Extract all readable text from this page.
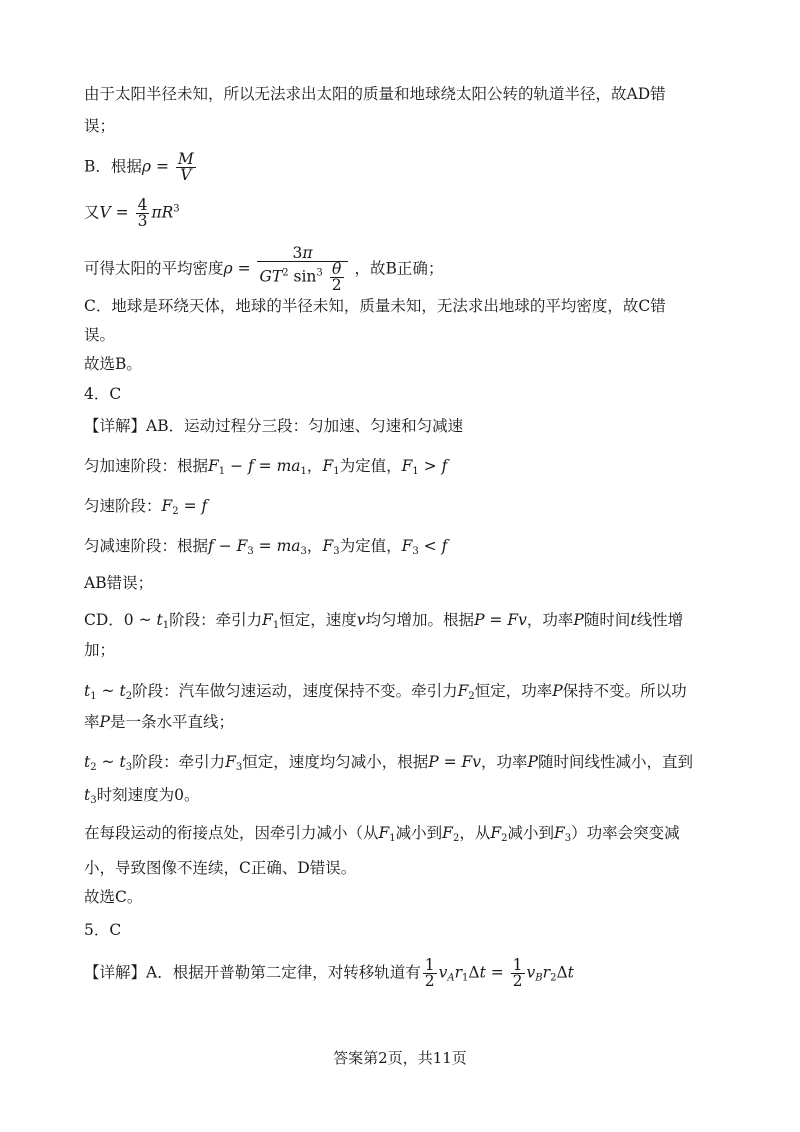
由于太阳半径未知，所以无法求出太阳的质量和地球绕太阳公转的轨道半径，故AD错
误；
B．根据$\rho = \frac{M}{V}$
又$V = \frac{4}{3} \pi R^3$
可得太阳的平均密度$\rho = \frac{3\pi}{GT^2 \sin^3 \frac{\theta}{2}}$ ，故B正确；
C．地球是环绕天体，地球的半径未知，质量未知，无法求出地球的平均密度，故C错
误。
故选B。
4．C
【详解】AB．运动过程分三段：匀加速、匀速和匀减速
匀加速阶段：根据$F_1 - f = ma_1$，$F_1$为定值，$F_1 > f$
匀速阶段：$F_2 = f$
匀减速阶段：根据$f - F_3 = ma_3$，$F_3$为定值，$F_3 < f$
AB错误；
CD．0 ~ $t_1$阶段：牵引力$F_1$恒定，速度v均匀增加。根据P = Fv，功率P随时间t线性增
加；
$t_1$ ~ $t_2$阶段：汽车做匀速运动，速度保持不变。牵引力$F_2$恒定，功率P保持不变。所以功
率P是一条水平直线；
$t_2$ ~ $t_3$阶段：牵引力$F_3$恒定，速度均匀减小，根据P = Fv，功率P随时间线性减小，直到
$t_3$时刻速度为0。
在每段运动的衔接点处，因牵引力减小（从$F_1$减小到$F_2$，从$F_2$减小到$F_3$）功率会突变减
小，导致图像不连续，C正确、D错误。
故选C。
5．C
【详解】A．根据开普勒第二定律，对转移轨道有 $\frac{1}{2} v_Ar_1\Delta t = \frac{1}{2} v_Br_2\Delta t$
答案第2页，共11页
